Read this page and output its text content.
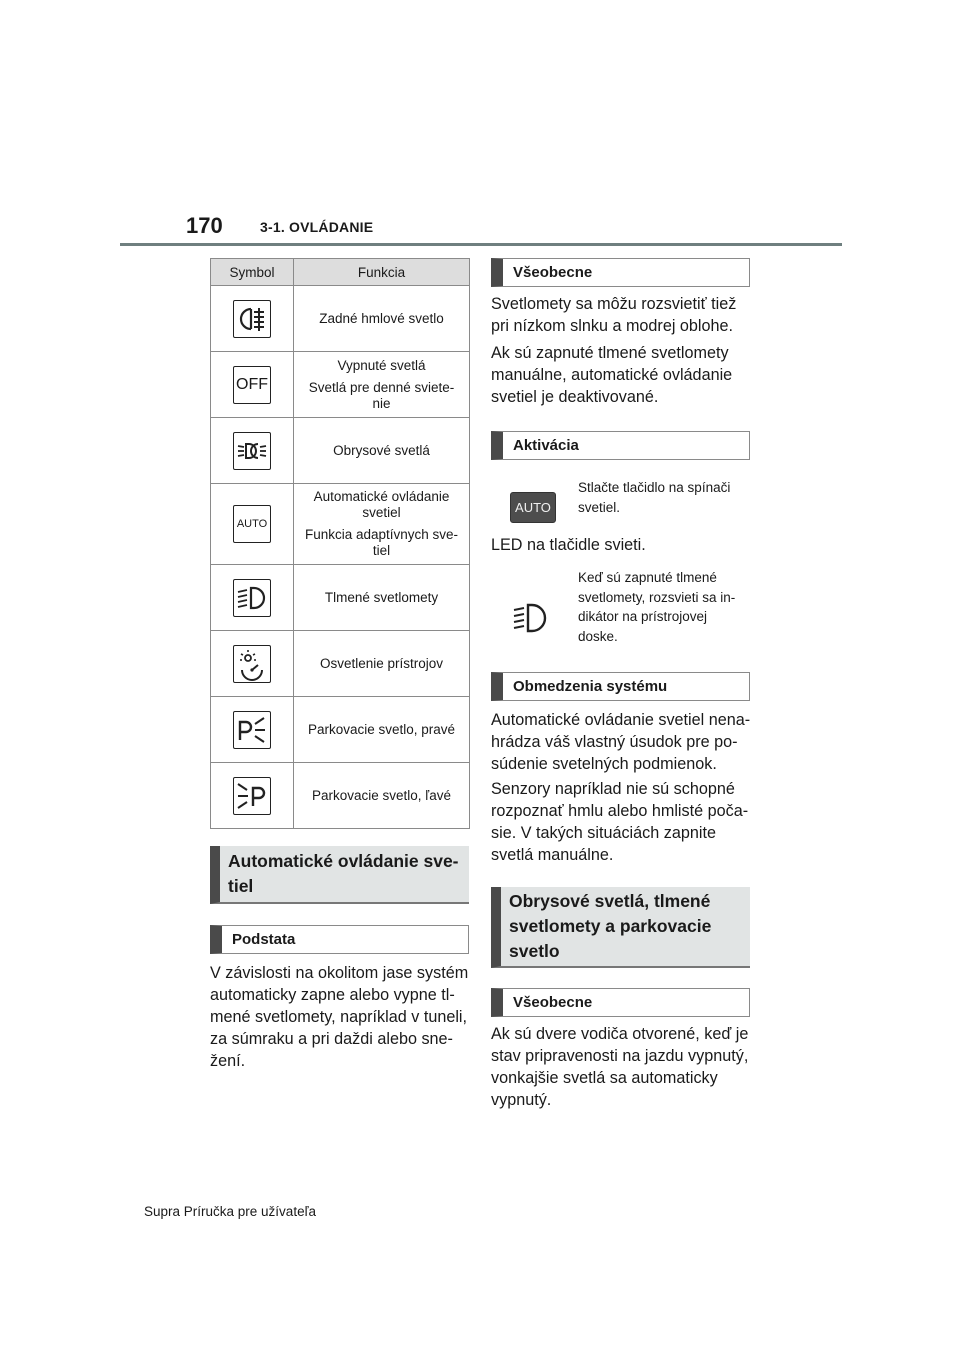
170	3-1. OVLÁDANIE
Symbol	Funkcia

Zadné hmlové svetlo

OFF	Vypnuté svetlá
Svetlá pre denné sviete-
nie

Obrysové svetlá

AUTO	Automatické ovládanie
svetiel
Funkcia adaptívnych sve-
tiel

Tlmené svetlomety

Osvetlenie prístrojov

Parkovacie svetlo, pravé

Parkovacie svetlo, ľavé
Automatické ovládanie sve-
tiel
Podstata

V závislosti na okolitom jase systém
automaticky zapne alebo vypne tl-
mené svetlomety, napríklad v tuneli,
za súmraku a pri daždi alebo sne-
žení.

Všeobecne

Svetlomety sa môžu rozsvietiť tiež
pri nízkom slnku a modrej oblohe.

Ak sú zapnuté tlmené svetlomety
manuálne, automatické ovládanie
svetiel je deaktivované.

Aktivácia
AUTO
Stlačte tlačidlo na spínači
svetiel.

LED na tlačidle svieti.

Keď sú zapnuté tlmené
svetlomety, rozsvieti sa in-
dikátor na prístrojovej
doske.
Obmedzenia systému

Automatické ovládanie svetiel nena-
hrádza váš vlastný úsudok pre po-
súdenie svetelných podmienok.

Senzory napríklad nie sú schopné
rozpoznať hmlu alebo hmlisté poča-
sie. V takých situáciách zapnite
svetlá manuálne.

Obrysové svetlá, tlmené
svetlomety a parkovacie
svetlo
Všeobecne

Ak sú dvere vodiča otvorené, keď je
stav pripravenosti na jazdu vypnutý,
vonkajšie svetlá sa automaticky
vypnutý.

Supra Príručka pre užívateľa
